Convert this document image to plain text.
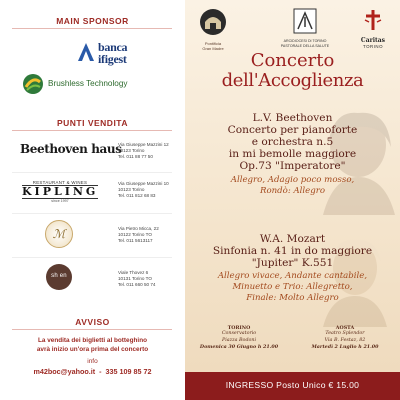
MAIN SPONSOR
banca
ifigest
Brushless Technology
PUNTI VENDITA
Beethoven haus
Via Giuseppe Mazzini 12
10123 Torino
Tel. 011 88 77 50
RESTAURANT & WINES
KIPLING
since 1997
Via Giuseppe Mazzini 10
10123 Torino
Tel. 011 812 68 83
ℳ	Via Pietro Micca, 22
10122 Torino TO
Tel. 011 5613117
sh en
Viale Thovez 6
10131 Torino TO
Tel. 011 660 50 74
AVVISO
La vendita dei biglietti al botteghino
avrà inizio un'ora prima del concerto
info
m42boc@yahoo.it  -  335 109 85 72
Pontificia
Gran Madre
ARCIDIOCESI DI TORINO
PASTORALE DELLA SALUTE
Caritas
TORINO
Concerto
dell'Accoglienza
L.V. Beethoven
Concerto per pianoforte
e orchestra n.5
in mi bemolle maggiore
Op.73 "Imperatore"
Allegro, Adagio poco mosso,
Rondò: Allegro
W.A. Mozart
Sinfonia n. 41 in do maggiore
"Jupiter" K.551
Allegro vivace, Andante cantabile,
Minuetto e Trio: Allegretto,
Finale: Molto Allegro
TORINO
Conservatorio
Piazza Bodoni
Domenica 30 Giugno h 21.00
AOSTA
Teatro Splendor
Via B. Festaz, 82
Martedì 2 Luglio h 21.00
INGRESSO Posto Unico € 15.00
